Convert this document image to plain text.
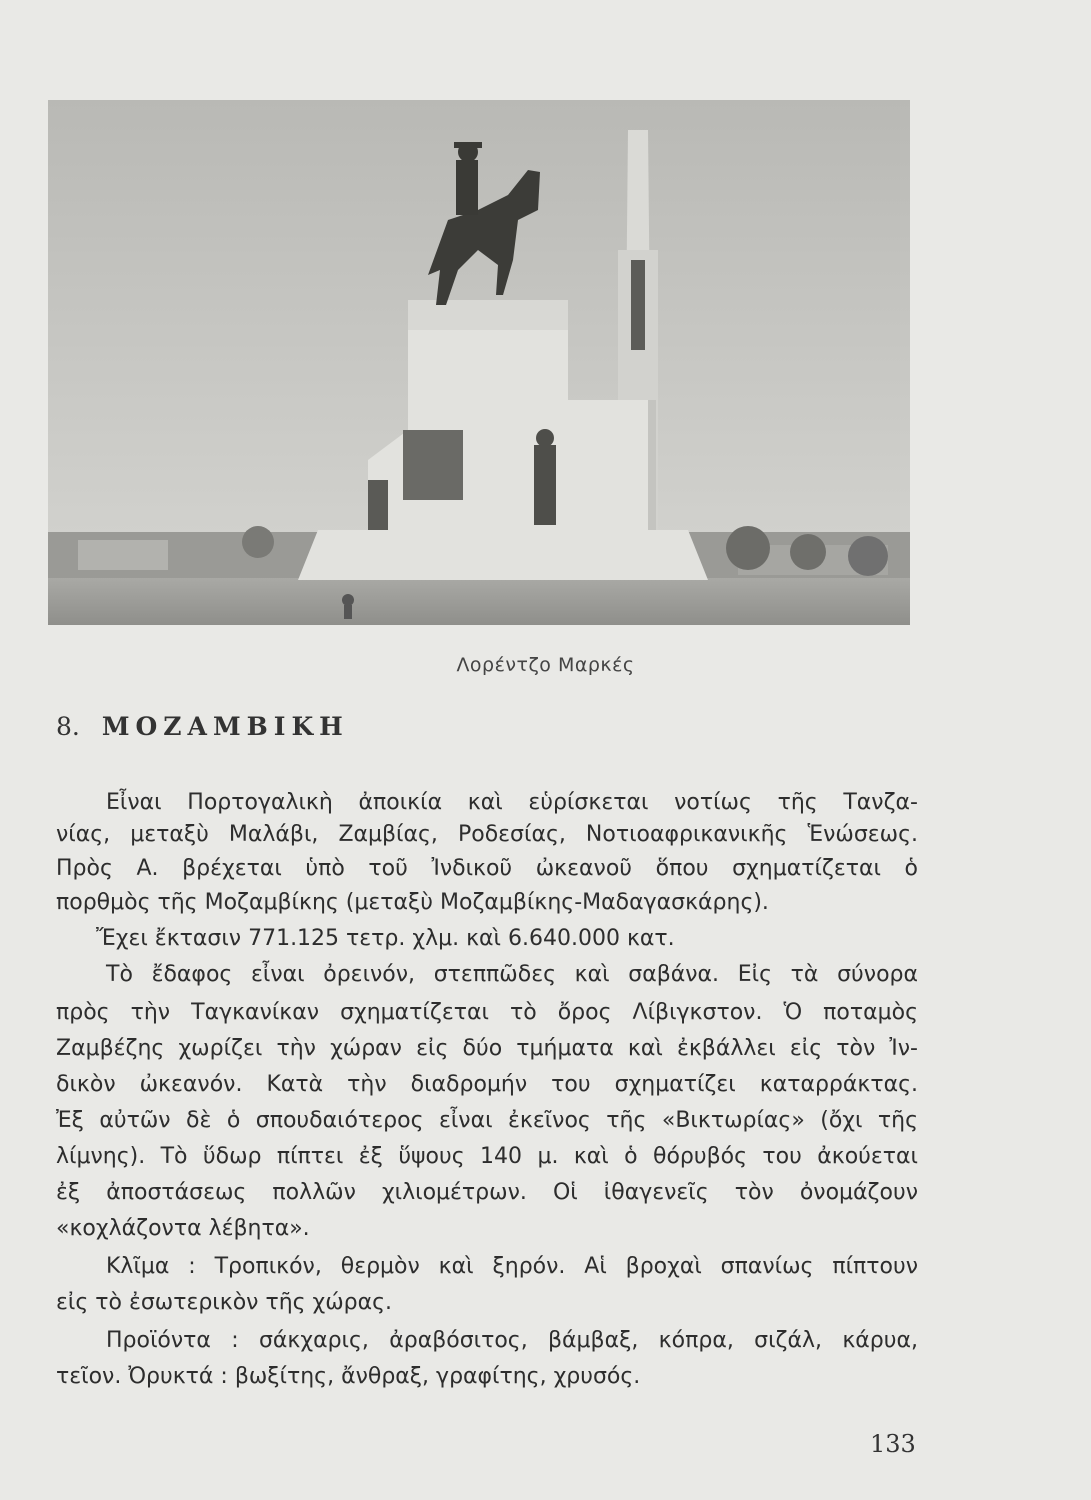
Λορέντζο Μαρκές
8. ΜΟΖΑΜΒΙΚΗ
Εἶναι Πορτογαλικὴ ἀποικία καὶ εὑρίσκεται νοτίως τῆς Τανζα-
νίας, μεταξὺ Μαλάβι, Ζαμβίας, Ροδεσίας, Νοτιοαφρικανικῆς Ἑνώσεως.
Πρὸς Α. βρέχεται ὑπὸ τοῦ Ἰνδικοῦ ὠκεανοῦ ὅπου σχηματίζεται ὁ
πορθμὸς τῆς Μοζαμβίκης (μεταξὺ Μοζαμβίκης-Μαδαγασκάρης).
Ἔχει ἔκτασιν 771.125 τετρ. χλμ. καὶ 6.640.000 κατ.
Τὸ ἔδαφος εἶναι ὀρεινόν, στεππῶδες καὶ σαβάνα. Εἰς τὰ σύνορα
πρὸς τὴν Ταγκανίκαν σχηματίζεται τὸ ὄρος Λίβιγκστον. Ὁ ποταμὸς
Ζαμβέζης χωρίζει τὴν χώραν εἰς δύο τμήματα καὶ ἐκβάλλει εἰς τὸν Ἰν-
δικὸν ὠκεανόν. Κατὰ τὴν διαδρομήν του σχηματίζει καταρράκτας.
Ἐξ αὐτῶν δὲ ὁ σπουδαιότερος εἶναι ἐκεῖνος τῆς «Βικτωρίας» (ὄχι τῆς
λίμνης). Τὸ ὕδωρ πίπτει ἐξ ὕψους 140 μ. καὶ ὁ θόρυβός του ἀκούεται
ἐξ ἀποστάσεως πολλῶν χιλιομέτρων. Οἱ ἰθαγενεῖς τὸν ὀνομάζουν
«κοχλάζοντα λέβητα».
Κλῖμα : Τροπικόν, θερμὸν καὶ ξηρόν. Αἱ βροχαὶ σπανίως πίπτουν
εἰς τὸ ἐσωτερικὸν τῆς χώρας.
Προϊόντα : σάκχαρις, ἀραβόσιτος, βάμβαξ, κόπρα, σιζάλ, κάρυα,
τεῖον. Ὀρυκτά : βωξίτης, ἄνθραξ, γραφίτης, χρυσός.
133
